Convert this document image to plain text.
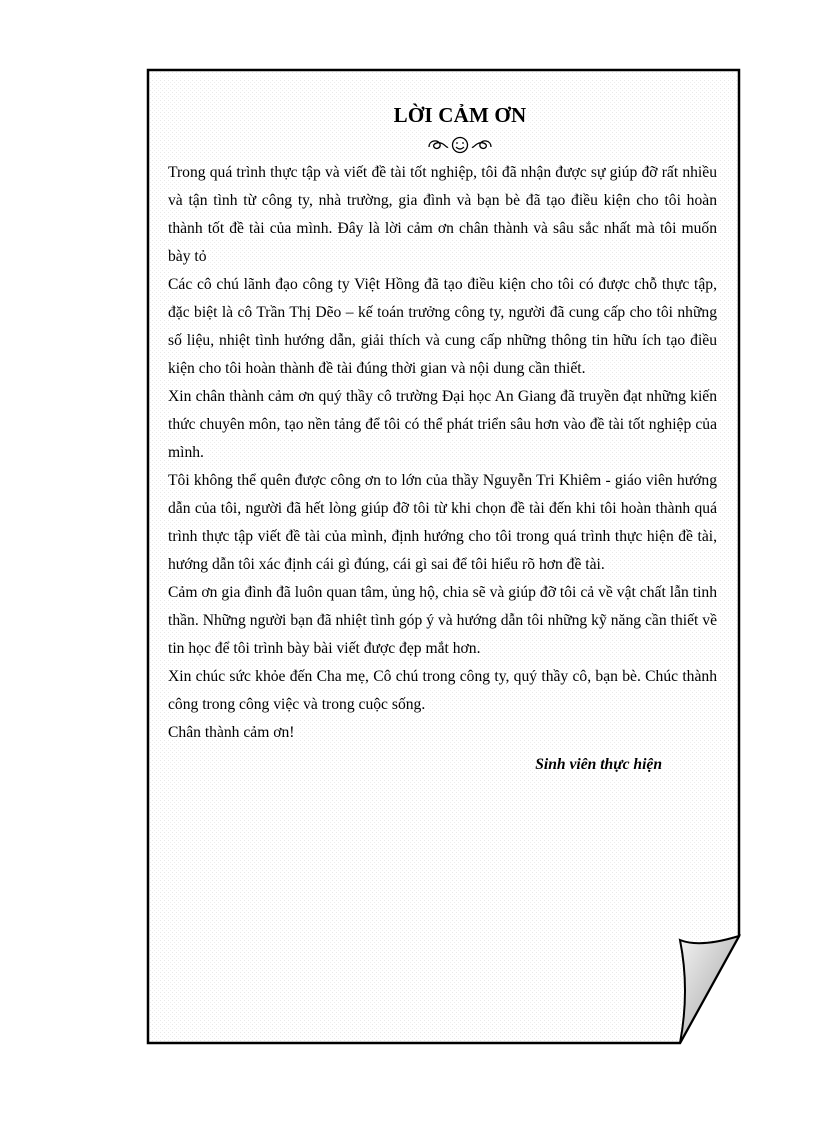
LỜI CẢM ƠN

Trong quá trình thực tập và viết đề tài tốt nghiệp, tôi đã nhận được sự giúp đỡ rất nhiều và tận tình từ công ty, nhà trường, gia đình và bạn bè đã tạo điều kiện cho tôi hoàn thành tốt đề tài của mình. Đây là lời cảm ơn chân thành và sâu sắc nhất mà tôi muốn bày tỏ

Các cô chú lãnh đạo công ty Việt Hồng đã tạo điều kiện cho tôi có được chỗ thực tập, đặc biệt là cô Trần Thị Dẽo – kế toán trưởng công ty, người đã cung cấp cho tôi những số liệu, nhiệt tình hướng dẫn, giải thích và cung cấp những thông tin hữu ích tạo điều kiện cho tôi hoàn thành đề tài đúng thời gian và nội dung cần thiết.

Xin chân thành cảm ơn quý thầy cô trường Đại học An Giang đã truyền đạt những kiến thức chuyên môn, tạo nền tảng để tôi có thể phát triển sâu hơn vào đề tài tốt nghiệp của mình.

Tôi không thể quên được công ơn to lớn của thầy Nguyễn Tri Khiêm - giáo viên hướng dẫn của tôi, người đã hết lòng giúp đỡ tôi từ khi chọn đề tài đến khi tôi hoàn thành quá trình thực tập viết đề tài của mình, định hướng cho tôi trong quá trình thực hiện đề tài, hướng dẫn tôi xác định cái gì đúng, cái gì sai để tôi hiểu rõ hơn đề tài.

Cảm ơn gia đình đã luôn quan tâm, ủng hộ, chia sẽ và giúp đỡ tôi cả về vật chất lẫn tinh thần. Những người bạn đã nhiệt tình góp ý và hướng dẫn tôi những kỹ năng cần thiết về tin học để tôi trình bày bài viết được đẹp mắt hơn.

Xin chúc sức khỏe đến Cha mẹ, Cô chú trong công ty, quý thầy cô, bạn bè. Chúc thành công trong công việc và trong cuộc sống.

Chân thành cảm ơn!

Sinh viên thực hiện
